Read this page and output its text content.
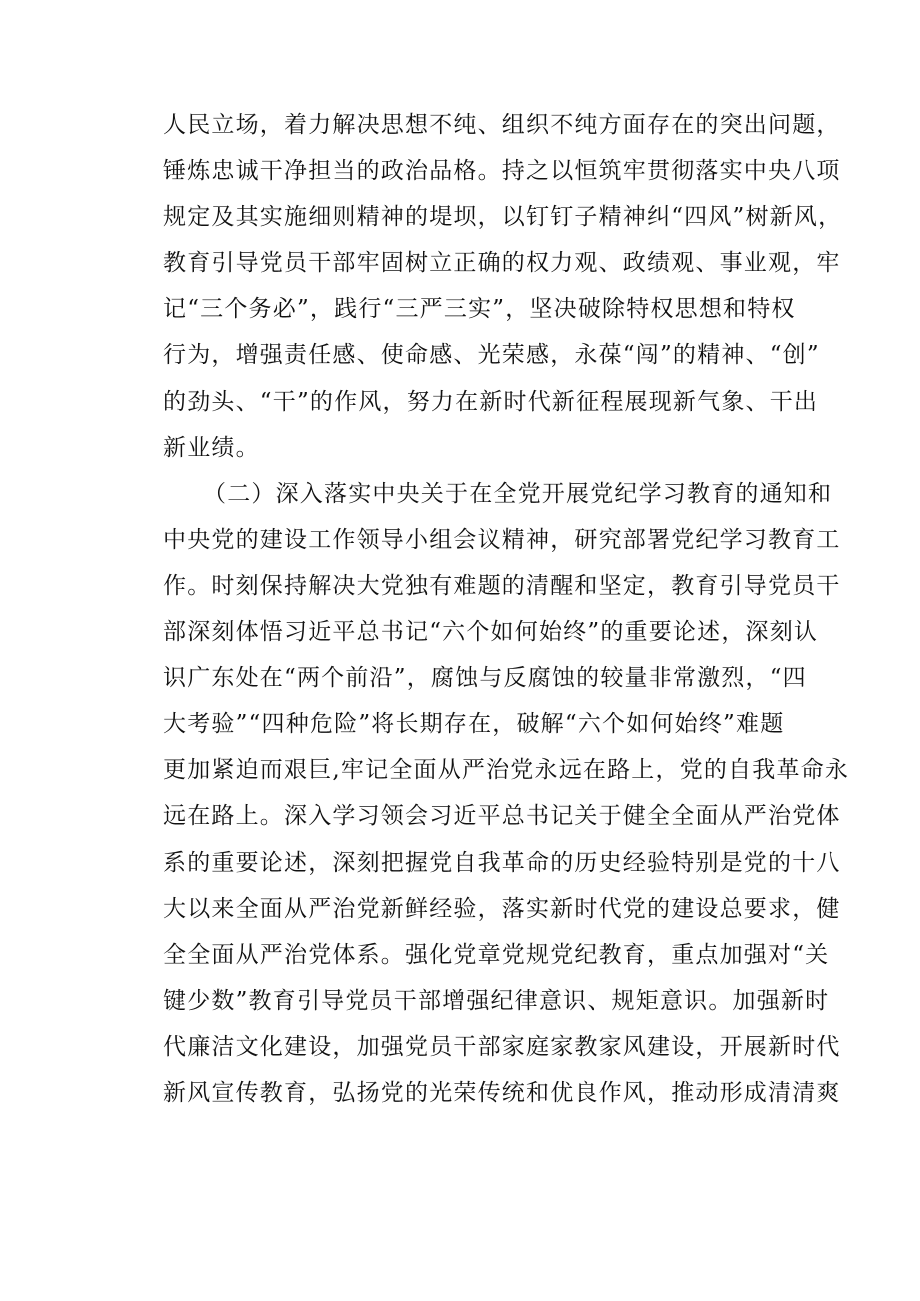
人民立场，着力解决思想不纯、组织不纯方面存在的突出问题，
锤炼忠诚干净担当的政治品格。持之以恒筑牢贯彻落实中央八项
规定及其实施细则精神的堤坝，以钉钉子精神纠“四风”树新风，
教育引导党员干部牢固树立正确的权力观、政绩观、事业观，牢
记“三个务必”，践行“三严三实”，坚决破除特权思想和特权
行为，增强责任感、使命感、光荣感，永葆“闯”的精神、“创”
的劲头、“干”的作风，努力在新时代新征程展现新气象、干出
新业绩。
（二）深入落实中央关于在全党开展党纪学习教育的通知和
中央党的建设工作领导小组会议精神，研究部署党纪学习教育工
作。时刻保持解决大党独有难题的清醒和坚定，教育引导党员干
部深刻体悟习近平总书记“六个如何始终”的重要论述，深刻认
识广东处在“两个前沿”，腐蚀与反腐蚀的较量非常激烈，“四
大考验”“四种危险”将长期存在，破解“六个如何始终”难题
更加紧迫而艰巨,牢记全面从严治党永远在路上，党的自我革命永
远在路上。深入学习领会习近平总书记关于健全全面从严治党体
系的重要论述，深刻把握党自我革命的历史经验特别是党的十八
大以来全面从严治党新鲜经验，落实新时代党的建设总要求，健
全全面从严治党体系。强化党章党规党纪教育，重点加强对“关
键少数”教育引导党员干部增强纪律意识、规矩意识。加强新时
代廉洁文化建设，加强党员干部家庭家教家风建设，开展新时代
新风宣传教育，弘扬党的光荣传统和优良作风，推动形成清清爽
